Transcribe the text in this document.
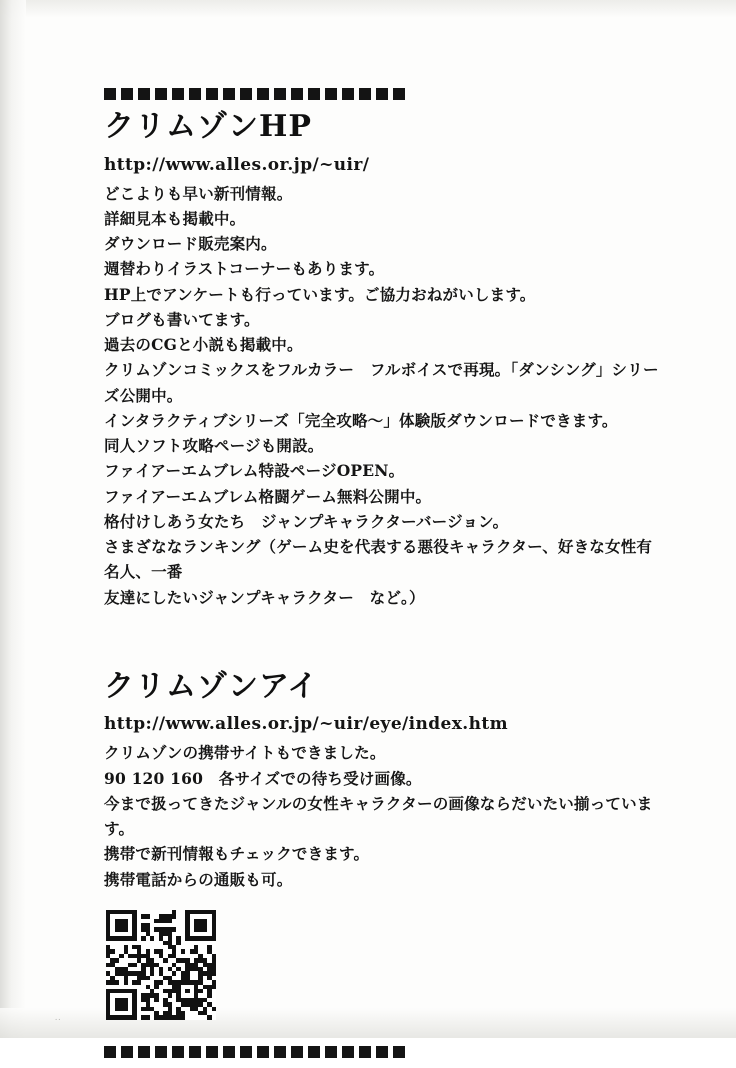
..
クリムゾンHP
http://www.alles.or.jp/~uir/
どこよりも早い新刊情報。
詳細見本も掲載中。
ダウンロード販売案内。
週替わりイラストコーナーもあります。
HP上でアンケートも行っています。ご協力おねがいします。
ブログも書いてます。
過去のCGと小説も掲載中。
クリムゾンコミックスをフルカラー　フルボイスで再現。「ダンシング」シリーズ公開中。
インタラクティブシリーズ「完全攻略～」体験版ダウンロードできます。
同人ソフト攻略ページも開設。
ファイアーエムブレム特設ページOPEN。
ファイアーエムブレム格闘ゲーム無料公開中。
格付けしあう女たち　ジャンプキャラクターバージョン。
さまざななランキング（ゲーム史を代表する悪役キャラクター、好きな女性有名人、一番
友達にしたいジャンプキャラクター　など。）
クリムゾンアイ
http://www.alles.or.jp/~uir/eye/index.htm
クリムゾンの携帯サイトもできました。
90 120 160　各サイズでの待ち受け画像。
今まで扱ってきたジャンルの女性キャラクターの画像ならだいたい揃っています。
携帯で新刊情報もチェックできます。
携帯電話からの通販も可。
